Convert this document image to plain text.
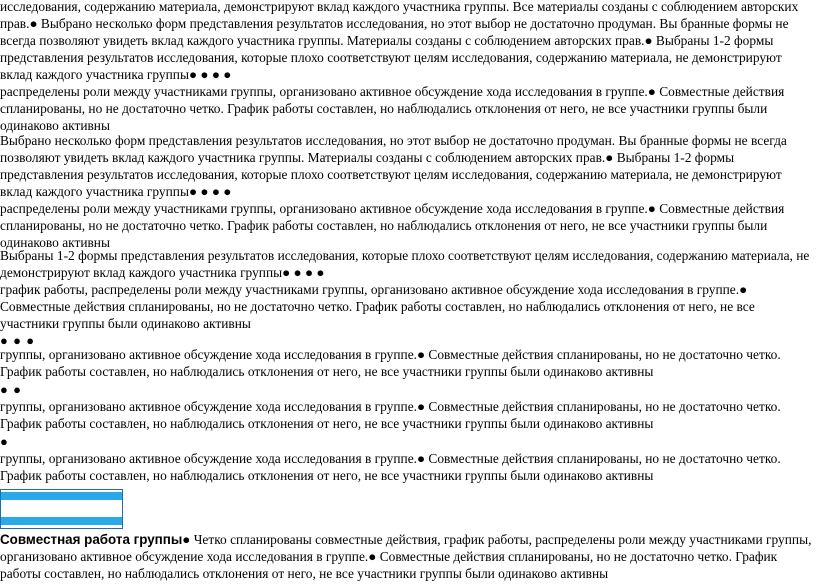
исследования, содержанию материала, демонстрируют вклад каждого участника группы. Все материалы созданы с соблюдением авторских прав.● Выбрано несколько форм представления результатов исследования, но этот выбор не достаточно продуман. Вы бранные формы не всегда позволяют увидеть вклад каждого участника группы. Материалы созданы с соблюдением авторских прав.● Выбраны 1-2 формы представления результатов исследования, которые плохо соответствуют целям исследования, содержанию материала, не демонстрируют вклад каждого участника группы● ● ● ●
распределены роли между участниками группы, организовано активное обсуждение хода исследования в группе.● Совместные действия спланированы, но не достаточно четко. График работы составлен, но наблюдались отклонения от него, не все участники группы были одинаково активны
Выбрано несколько форм представления результатов исследования, но этот выбор не достаточно продуман. Вы бранные формы не всегда позволяют увидеть вклад каждого участника группы. Материалы созданы с соблюдением авторских прав.● Выбраны 1-2 формы представления результатов исследования, которые плохо соответствуют целям исследования, содержанию материала, не демонстрируют вклад каждого участника группы● ● ● ●
распределены роли между участниками группы, организовано активное обсуждение хода исследования в группе.● Совместные действия спланированы, но не достаточно четко. График работы составлен, но наблюдались отклонения от него, не все участники группы были одинаково активны
Выбраны 1-2 формы представления результатов исследования, которые плохо соответствуют целям исследования, содержанию материала, не демонстрируют вклад каждого участника группы● ● ● ●
график работы, распределены роли между участниками группы, организовано активное обсуждение хода исследования в группе.● Совместные действия спланированы, но не достаточно четко. График работы составлен, но наблюдались отклонения от него, не все участники группы были одинаково активны
● ● ●
группы, организовано активное обсуждение хода исследования в группе.● Совместные действия спланированы, но не достаточно четко. График работы составлен, но наблюдались отклонения от него, не все участники группы были одинаково активны
● ●
группы, организовано активное обсуждение хода исследования в группе.● Совместные действия спланированы, но не достаточно четко. График работы составлен, но наблюдались отклонения от него, не все участники группы были одинаково активны
●
группы, организовано активное обсуждение хода исследования в группе.● Совместные действия спланированы, но не достаточно четко. График работы составлен, но наблюдались отклонения от него, не все участники группы были одинаково активны
Совместная работа группы● Четко спланированы совместные действия, график работы, распределены роли между участниками группы, организовано активное обсуждение хода исследования в группе.● Совместные действия спланированы, но не достаточно четко. График работы составлен, но наблюдались отклонения от него, не все участники группы были одинаково активны
